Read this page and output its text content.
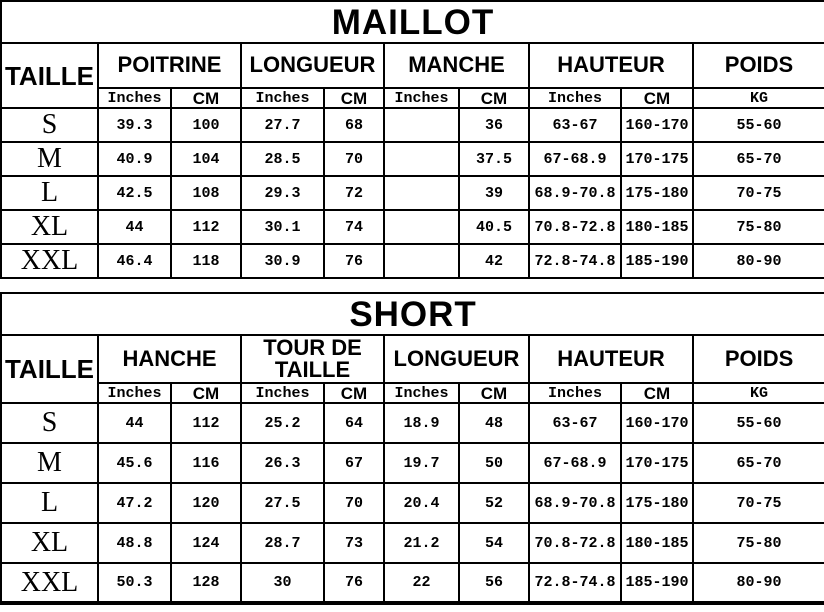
MAILLOT									
TAILLE	POITRINE		LONGUEUR		MANCHE		HAUTEUR		POIDS
	Inches	CM	Inches	CM	Inches	CM	Inches	CM	KG
S	39.3	100	27.7	68		36	63-67	160-170	55-60
M	40.9	104	28.5	70		37.5	67-68.9	170-175	65-70
L	42.5	108	29.3	72		39	68.9-70.8	175-180	70-75
XL	44	112	30.1	74		40.5	70.8-72.8	180-185	75-80
XXL	46.4	118	30.9	76		42	72.8-74.8	185-190	80-90
SHORT									
TAILLE	HANCHE		TOUR DE TAILLE		LONGUEUR		HAUTEUR		POIDS
	Inches	CM	Inches	CM	Inches	CM	Inches	CM	KG
S	44	112	25.2	64	18.9	48	63-67	160-170	55-60
M	45.6	116	26.3	67	19.7	50	67-68.9	170-175	65-70
L	47.2	120	27.5	70	20.4	52	68.9-70.8	175-180	70-75
XL	48.8	124	28.7	73	21.2	54	70.8-72.8	180-185	75-80
XXL	50.3	128	30	76	22	56	72.8-74.8	185-190	80-90
